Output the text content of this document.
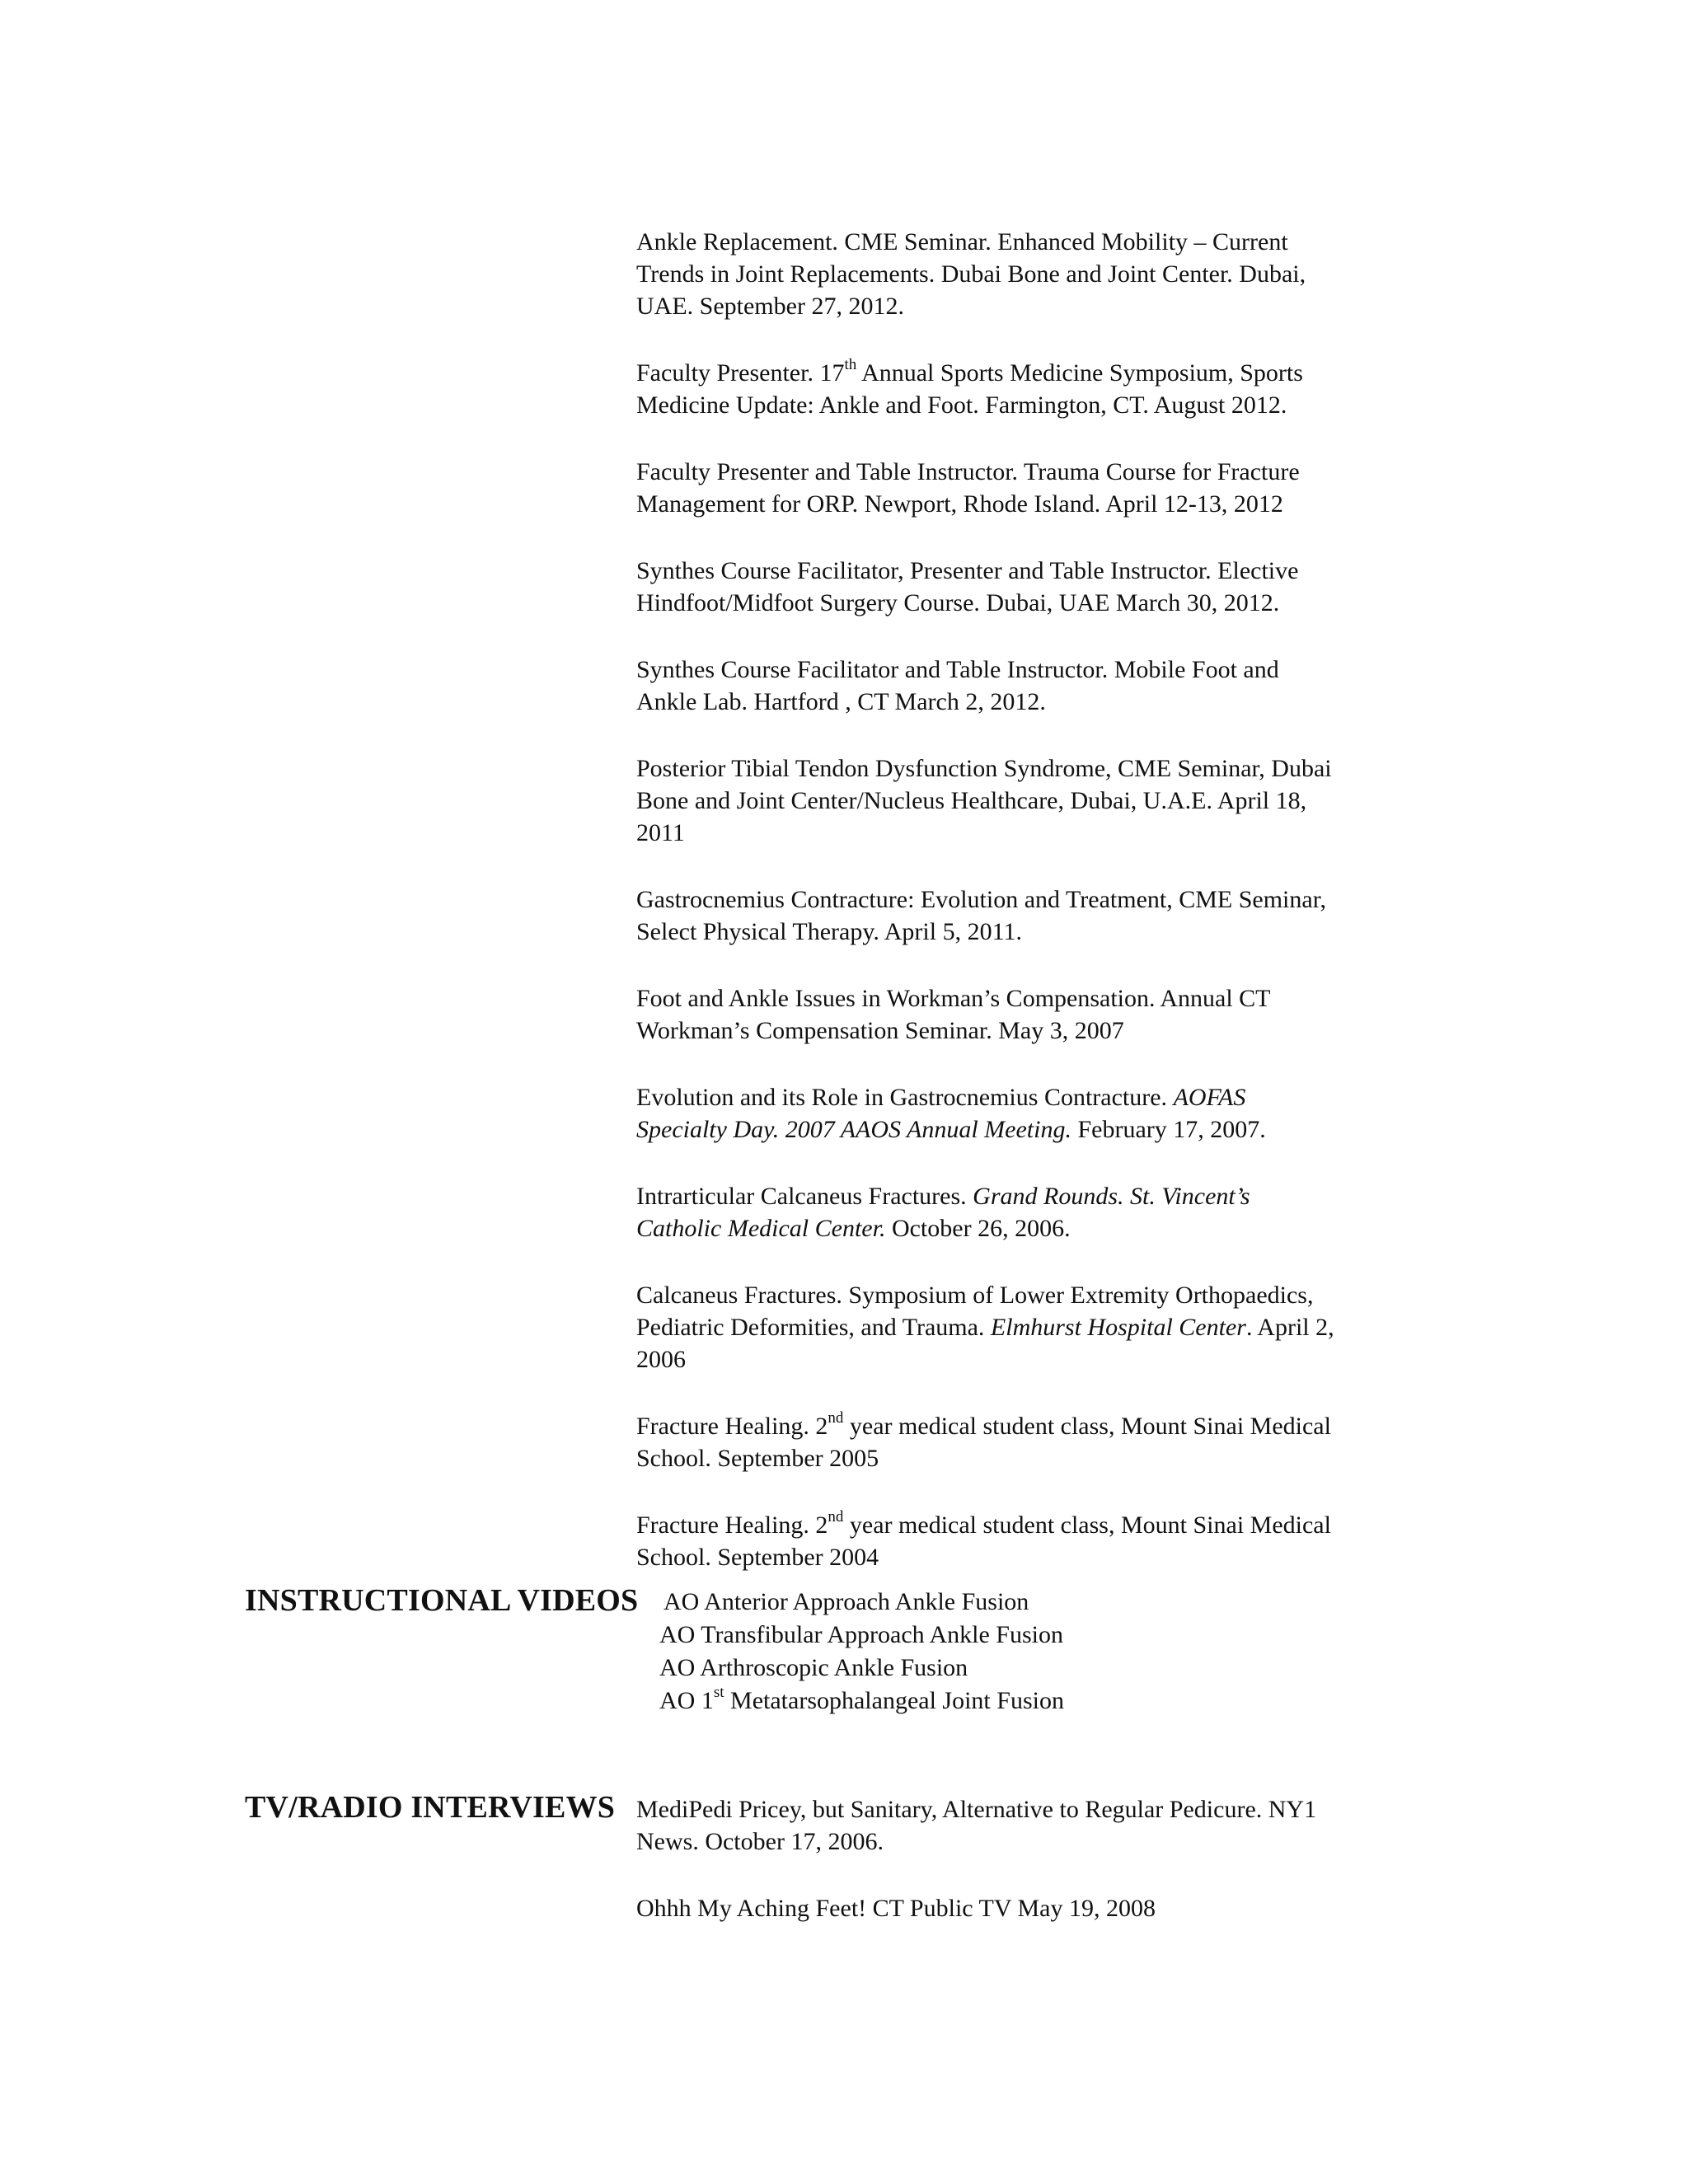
Ankle Replacement. CME Seminar. Enhanced Mobility – Current
Trends in Joint Replacements. Dubai Bone and Joint Center. Dubai,
UAE. September 27, 2012.

Faculty Presenter. 17th Annual Sports Medicine Symposium, Sports
Medicine Update: Ankle and Foot. Farmington, CT. August 2012.

Faculty Presenter and Table Instructor. Trauma Course for Fracture
Management for ORP. Newport, Rhode Island. April 12-13, 2012

Synthes Course Facilitator, Presenter and Table Instructor. Elective
Hindfoot/Midfoot Surgery Course. Dubai, UAE March 30, 2012.

Synthes Course Facilitator and Table Instructor. Mobile Foot and
Ankle Lab. Hartford , CT March 2, 2012.

Posterior Tibial Tendon Dysfunction Syndrome, CME Seminar, Dubai
Bone and Joint Center/Nucleus Healthcare, Dubai, U.A.E. April 18,
2011

Gastrocnemius Contracture: Evolution and Treatment, CME Seminar,
Select Physical Therapy. April 5, 2011.

Foot and Ankle Issues in Workman’s Compensation. Annual CT
Workman’s Compensation Seminar. May 3, 2007

Evolution and its Role in Gastrocnemius Contracture. AOFAS
Specialty Day. 2007 AAOS Annual Meeting. February 17, 2007.

Intrarticular Calcaneus Fractures. Grand Rounds. St. Vincent’s
Catholic Medical Center. October 26, 2006.

Calcaneus Fractures. Symposium of Lower Extremity Orthopaedics,
Pediatric Deformities, and Trauma. Elmhurst Hospital Center. April 2,
2006

Fracture Healing. 2nd year medical student class, Mount Sinai Medical
School. September 2005

Fracture Healing. 2nd year medical student class, Mount Sinai Medical
School. September 2004

INSTRUCTIONAL VIDEOS AO Anterior Approach Ankle Fusion
AO Transfibular Approach Ankle Fusion
AO Arthroscopic Ankle Fusion
AO 1st Metatarsophalangeal Joint Fusion
TV/RADIO INTERVIEWS MediPedi Pricey, but Sanitary, Alternative to Regular Pedicure. NY1
News. October 17, 2006.

Ohhh My Aching Feet! CT Public TV May 19, 2008
